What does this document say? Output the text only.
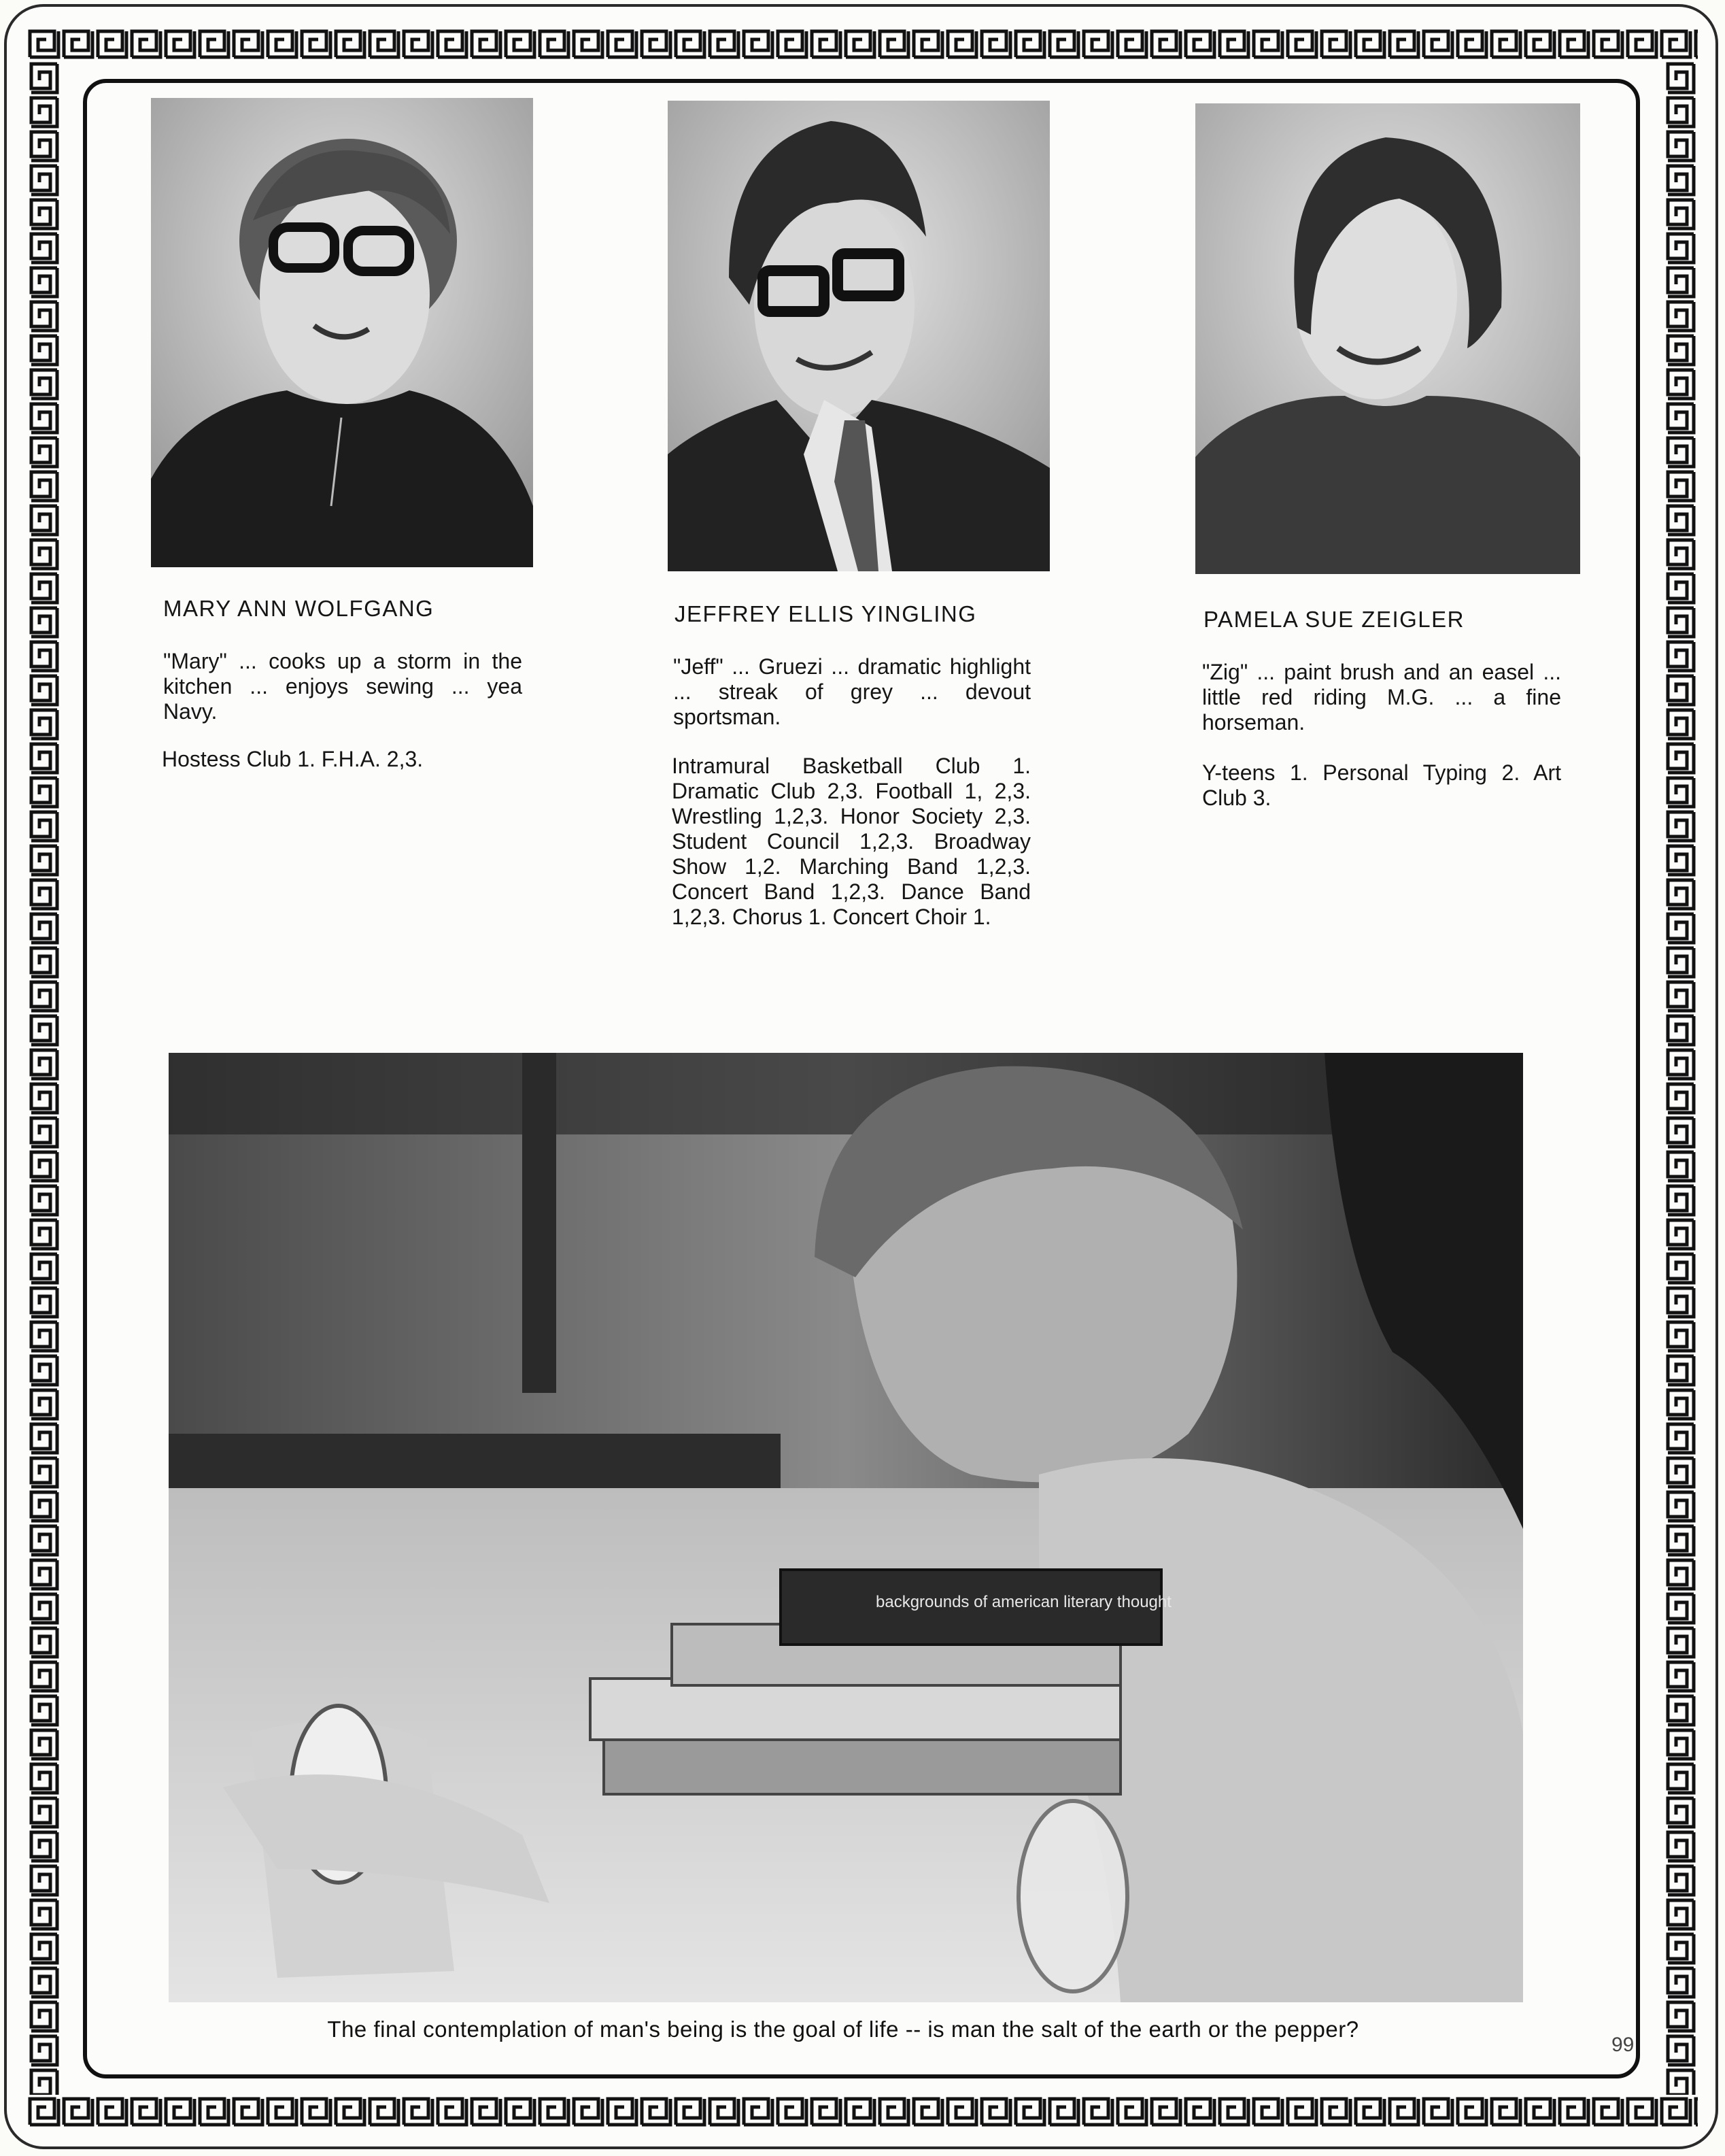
MARY ANN WOLFGANG	JEFFREY ELLIS YINGLING	PAMELA SUE ZEIGLER
"Mary" ... cooks up a storm in the kitchen ... enjoys sewing ... yea Navy.
"Jeff" ... Gruezi ... dramatic highlight ... streak of grey ... devout sportsman.
"Zig" ... paint brush and an easel ... little red riding M.G. ... a fine horseman.
Hostess Club 1. F.H.A. 2,3.	Intramural Basketball Club 1. Dramatic Club 2,3. Football 1, 2,3. Wrestling 1,2,3. Honor Society 2,3. Student Council 1,2,3. Broadway Show 1,2. Marching Band 1,2,3. Concert Band 1,2,3. Dance Band 1,2,3. Chorus 1. Concert Choir 1.
Y-teens 1. Personal Typing 2. Art Club 3.
backgrounds of american literary thought
The final contemplation of man's being is the goal of life -- is man the salt of the earth or the pepper?
99
